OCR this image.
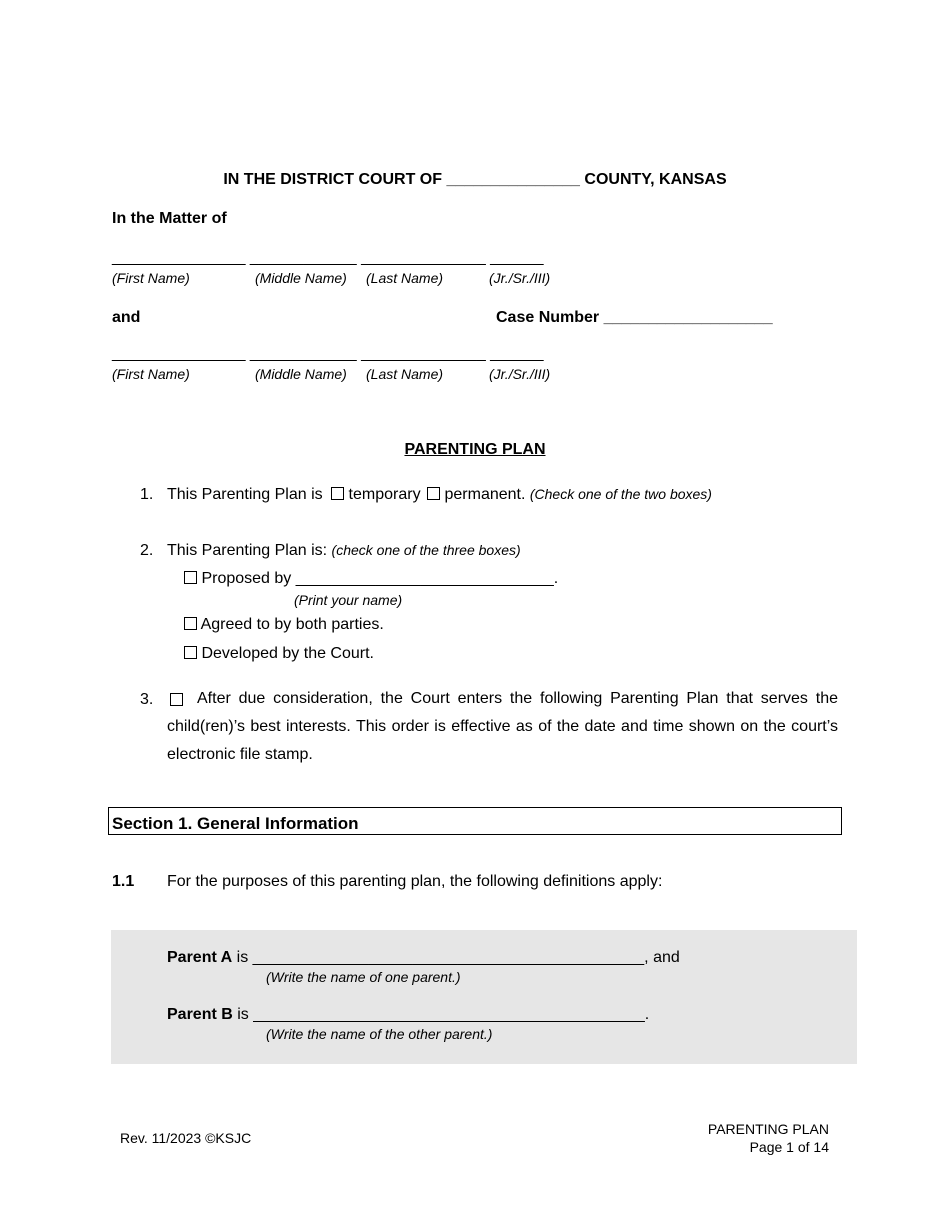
IN THE DISTRICT COURT OF _______________ COUNTY, KANSAS
In the Matter of
_______________ ____________ ______________ ______
(First Name)	(Middle Name) (Last Name)	(Jr./Sr./III)
and	Case Number ___________________
_______________ ____________ ______________ ______
(First Name)	(Middle Name) (Last Name)	(Jr./Sr./III)
PARENTING PLAN
1. This Parenting Plan is temporary permanent. (Check one of the two boxes)
2. This Parenting Plan is: (check one of the three boxes)
Proposed by _____________________________.
(Print your name)
Agreed to by both parties.
Developed by the Court.
3.	After due consideration, the Court enters the following Parenting Plan that serves the child(ren)’s best interests. This order is effective as of the date and time shown on the court’s electronic file stamp.
Section 1. General Information
1.1 For the purposes of this parenting plan, the following definitions apply:
Parent A is ____________________________________________, and
(Write the name of one parent.)
Parent B is ____________________________________________.
(Write the name of the other parent.)
Rev. 11/2023 ©KSJC
PARENTING PLAN
Page 1 of 14
